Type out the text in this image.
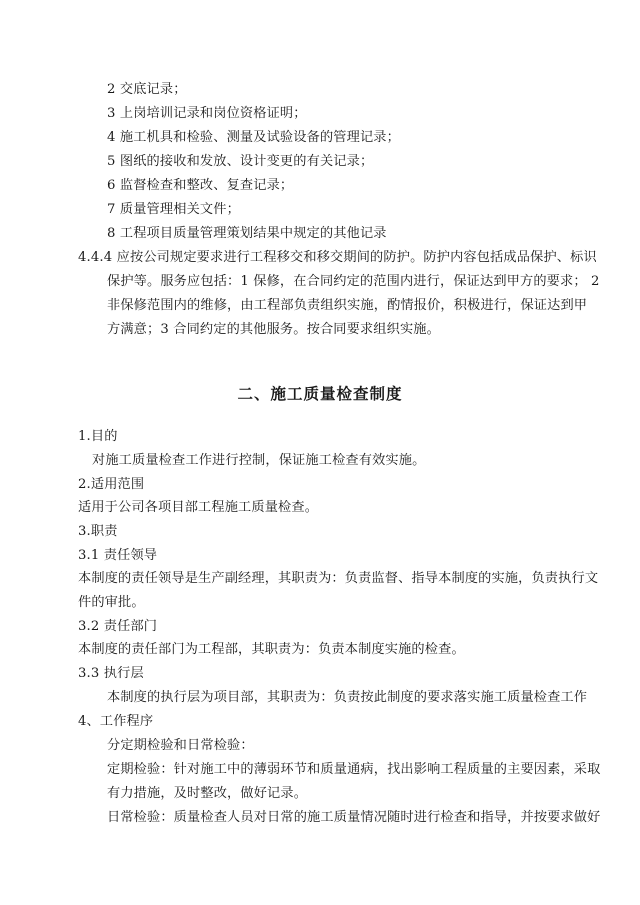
2 交底记录；
3 上岗培训记录和岗位资格证明；
4 施工机具和检验、测量及试验设备的管理记录；
5 图纸的接收和发放、设计变更的有关记录；
6 监督检查和整改、复查记录；
7 质量管理相关文件；
8 工程项目质量管理策划结果中规定的其他记录
4.4.4 应按公司规定要求进行工程移交和移交期间的防护。防护内容包括成品保护、标识
保护等。服务应包括：1 保修，在合同约定的范围内进行，保证达到甲方的要求； 2
非保修范围内的维修，由工程部负责组织实施，酌情报价，积极进行，保证达到甲
方满意；3 合同约定的其他服务。按合同要求组织实施。
二、施工质量检查制度
1.目的
对施工质量检查工作进行控制，保证施工检查有效实施。
2.适用范围
适用于公司各项目部工程施工质量检查。
3.职责
3.1 责任领导
本制度的责任领导是生产副经理，其职责为：负责监督、指导本制度的实施，负责执行文
件的审批。
3.2 责任部门
本制度的责任部门为工程部，其职责为：负责本制度实施的检查。
3.3 执行层
本制度的执行层为项目部，其职责为：负责按此制度的要求落实施工质量检查工作
4、工作程序
分定期检验和日常检验：
定期检验：针对施工中的薄弱环节和质量通病，找出影响工程质量的主要因素，采取
有力措施，及时整改，做好记录。
日常检验：质量检查人员对日常的施工质量情况随时进行检查和指导，并按要求做好
